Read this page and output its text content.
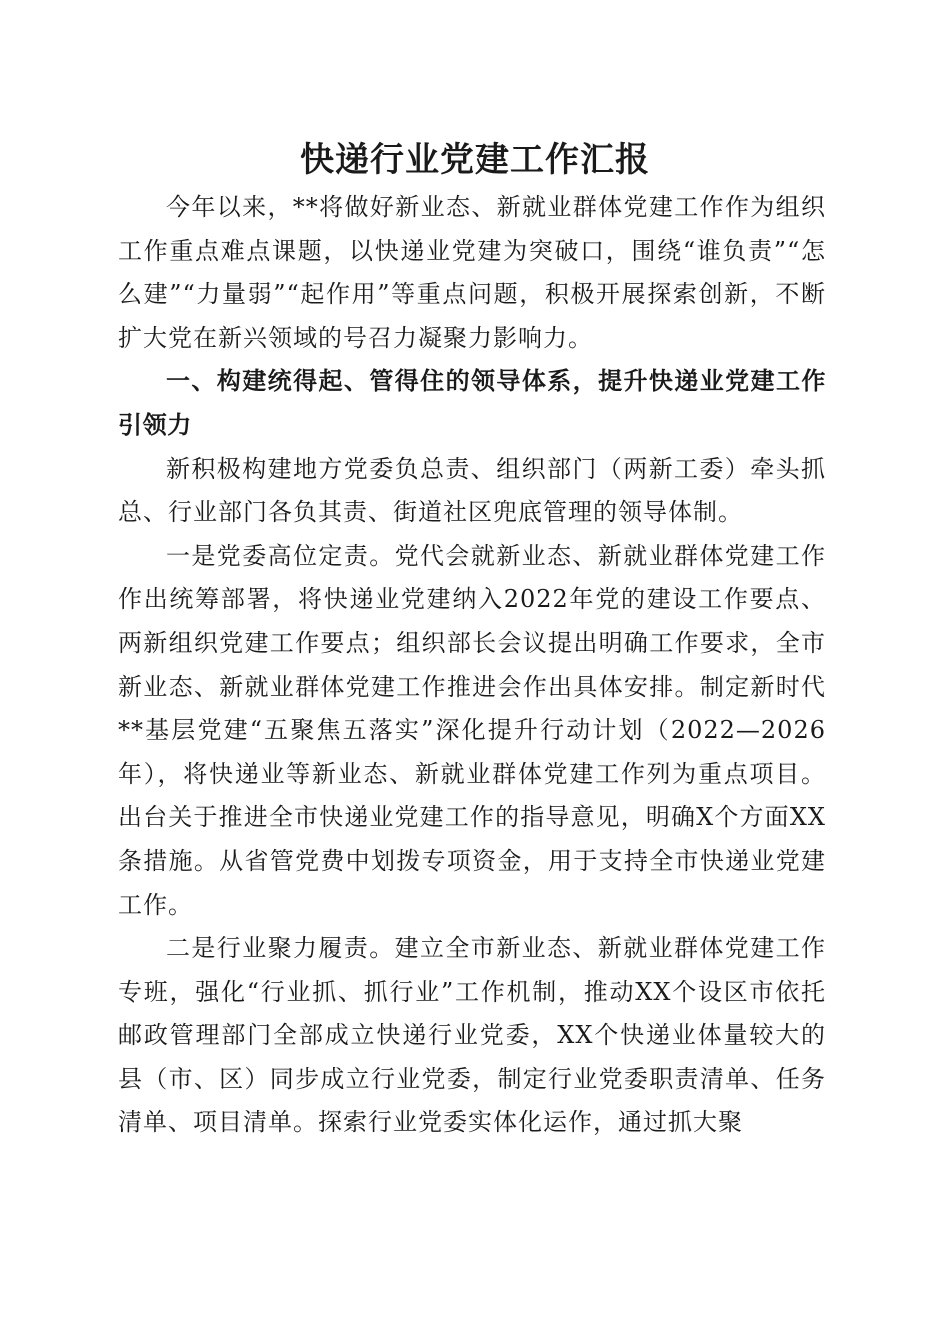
快递行业党建工作汇报

今年以来，**将做好新业态、新就业群体党建工作作为组织工作重点难点课题，以快递业党建为突破口，围绕“谁负责”“怎么建”“力量弱”“起作用”等重点问题，积极开展探索创新，不断扩大党在新兴领域的号召力凝聚力影响力。

一、构建统得起、管得住的领导体系，提升快递业党建工作引领力

新积极构建地方党委负总责、组织部门（两新工委）牵头抓总、行业部门各负其责、街道社区兜底管理的领导体制。

一是党委高位定责。党代会就新业态、新就业群体党建工作作出统筹部署，将快递业党建纳入2022年党的建设工作要点、两新组织党建工作要点；组织部长会议提出明确工作要求，全市新业态、新就业群体党建工作推进会作出具体安排。制定新时代**基层党建“五聚焦五落实”深化提升行动计划（2022—2026年），将快递业等新业态、新就业群体党建工作列为重点项目。出台关于推进全市快递业党建工作的指导意见，明确X个方面XX条措施。从省管党费中划拨专项资金，用于支持全市快递业党建工作。

二是行业聚力履责。建立全市新业态、新就业群体党建工作专班，强化“行业抓、抓行业”工作机制，推动XX个设区市依托邮政管理部门全部成立快递行业党委，XX个快递业体量较大的县（市、区）同步成立行业党委，制定行业党委职责清单、任务清单、项目清单。探索行业党委实体化运作，通过抓大聚
